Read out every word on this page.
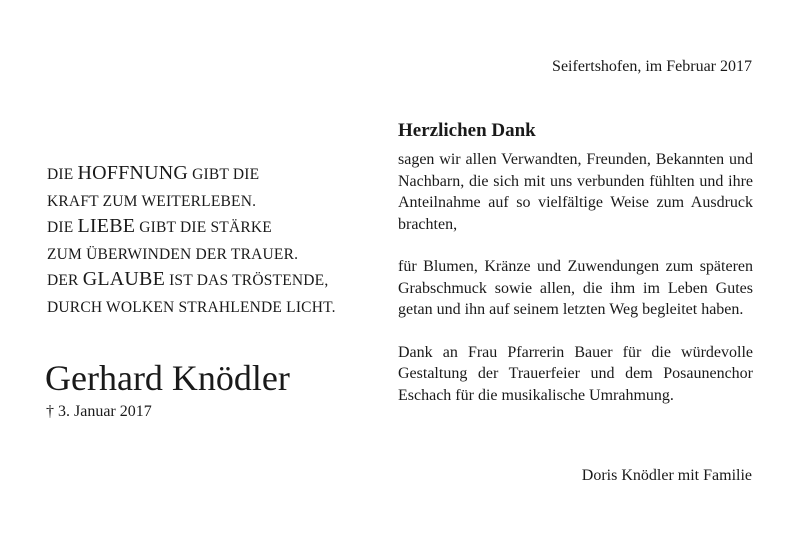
Seifertshofen, im Februar 2017
DIE HOFFNUNG GIBT DIE
KRAFT ZUM WEITERLEBEN.
DIE LIEBE GIBT DIE STÄRKE
ZUM ÜBERWINDEN DER TRAUER.
DER GLAUBE IST DAS TRÖSTENDE,
DURCH WOLKEN STRAHLENDE LICHT.
Gerhard Knödler
† 3. Januar 2017
Herzlichen Dank

sagen wir allen Verwandten, Freunden, Bekannten und Nachbarn, die sich mit uns verbunden fühlten und ihre Anteilnahme auf so vielfältige Weise zum Ausdruck brachten,

für Blumen, Kränze und Zuwendungen zum späteren Grabschmuck sowie allen, die ihm im Leben Gutes getan und ihn auf seinem letzten Weg begleitet haben.

Dank an Frau Pfarrerin Bauer für die würdevolle Gestaltung der Trauerfeier und dem Posaunenchor Eschach für die musikalische Umrahmung.

Doris Knödler mit Familie
